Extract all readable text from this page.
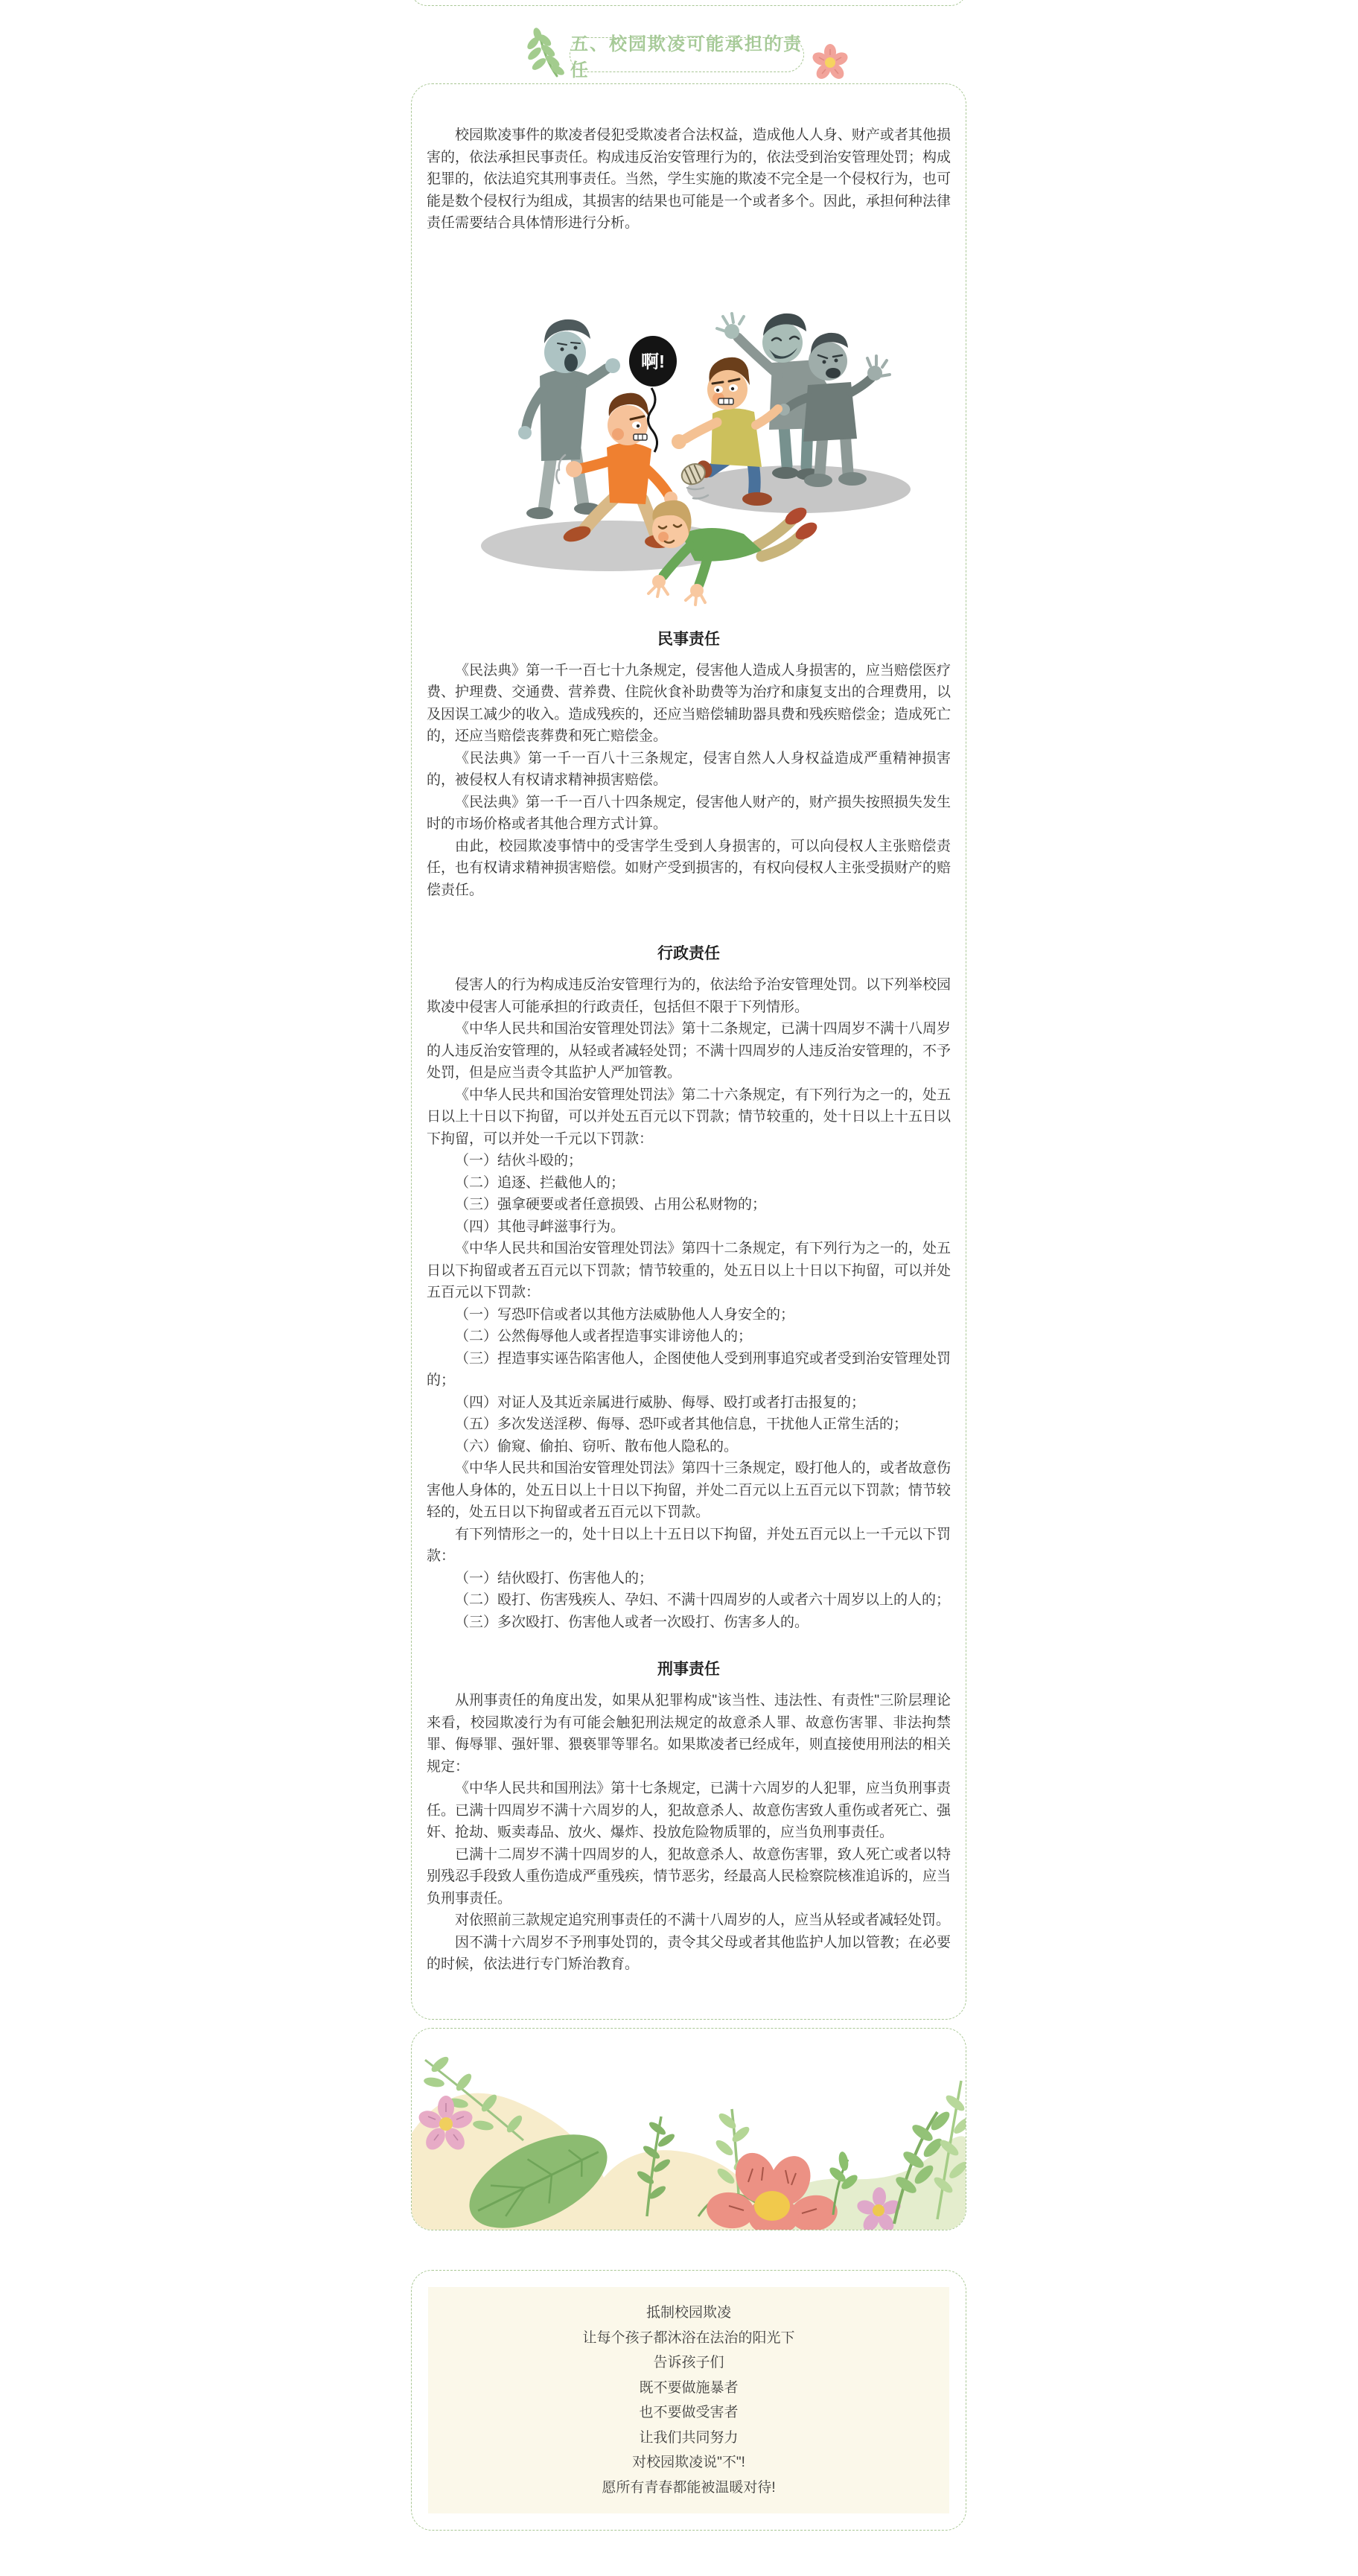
五、校园欺凌可能承担的责任

校园欺凌事件的欺凌者侵犯受欺凌者合法权益，造成他人人身、财产或者其他损害的，依法承担民事责任。构成违反治安管理行为的，依法受到治安管理处罚；构成犯罪的，依法追究其刑事责任。当然，学生实施的欺凌不完全是一个侵权行为，也可能是数个侵权行为组成，其损害的结果也可能是一个或者多个。因此，承担何种法律责任需要结合具体情形进行分析。

啊!
民事责任

《民法典》第一千一百七十九条规定，侵害他人造成人身损害的，应当赔偿医疗费、护理费、交通费、营养费、住院伙食补助费等为治疗和康复支出的合理费用，以及因误工减少的收入。造成残疾的，还应当赔偿辅助器具费和残疾赔偿金；造成死亡的，还应当赔偿丧葬费和死亡赔偿金。

《民法典》第一千一百八十三条规定，侵害自然人人身权益造成严重精神损害的，被侵权人有权请求精神损害赔偿。

《民法典》第一千一百八十四条规定，侵害他人财产的，财产损失按照损失发生时的市场价格或者其他合理方式计算。

由此，校园欺凌事情中的受害学生受到人身损害的，可以向侵权人主张赔偿责任，也有权请求精神损害赔偿。如财产受到损害的，有权向侵权人主张受损财产的赔偿责任。

行政责任

侵害人的行为构成违反治安管理行为的，依法给予治安管理处罚。以下列举校园欺凌中侵害人可能承担的行政责任，包括但不限于下列情形。

《中华人民共和国治安管理处罚法》第十二条规定，已满十四周岁不满十八周岁的人违反治安管理的，从轻或者减轻处罚；不满十四周岁的人违反治安管理的，不予处罚，但是应当责令其监护人严加管教。

《中华人民共和国治安管理处罚法》第二十六条规定，有下列行为之一的，处五日以上十日以下拘留，可以并处五百元以下罚款；情节较重的，处十日以上十五日以下拘留，可以并处一千元以下罚款：

（一）结伙斗殴的；

（二）追逐、拦截他人的；

（三）强拿硬要或者任意损毁、占用公私财物的；

（四）其他寻衅滋事行为。

《中华人民共和国治安管理处罚法》第四十二条规定，有下列行为之一的，处五日以下拘留或者五百元以下罚款；情节较重的，处五日以上十日以下拘留，可以并处五百元以下罚款：

（一）写恐吓信或者以其他方法威胁他人人身安全的；

（二）公然侮辱他人或者捏造事实诽谤他人的；

（三）捏造事实诬告陷害他人，企图使他人受到刑事追究或者受到治安管理处罚的；

（四）对证人及其近亲属进行威胁、侮辱、殴打或者打击报复的；

（五）多次发送淫秽、侮辱、恐吓或者其他信息，干扰他人正常生活的；

（六）偷窥、偷拍、窃听、散布他人隐私的。

《中华人民共和国治安管理处罚法》第四十三条规定，殴打他人的，或者故意伤害他人身体的，处五日以上十日以下拘留，并处二百元以上五百元以下罚款；情节较轻的，处五日以下拘留或者五百元以下罚款。

有下列情形之一的，处十日以上十五日以下拘留，并处五百元以上一千元以下罚款：

（一）结伙殴打、伤害他人的；

（二）殴打、伤害残疾人、孕妇、不满十四周岁的人或者六十周岁以上的人的；

（三）多次殴打、伤害他人或者一次殴打、伤害多人的。

刑事责任

从刑事责任的角度出发，如果从犯罪构成"该当性、违法性、有责性"三阶层理论来看，校园欺凌行为有可能会触犯刑法规定的故意杀人罪、故意伤害罪、非法拘禁罪、侮辱罪、强奸罪、猥亵罪等罪名。如果欺凌者已经成年，则直接使用刑法的相关规定：

《中华人民共和国刑法》第十七条规定，已满十六周岁的人犯罪，应当负刑事责任。已满十四周岁不满十六周岁的人，犯故意杀人、故意伤害致人重伤或者死亡、强奸、抢劫、贩卖毒品、放火、爆炸、投放危险物质罪的，应当负刑事责任。

已满十二周岁不满十四周岁的人，犯故意杀人、故意伤害罪，致人死亡或者以特别残忍手段致人重伤造成严重残疾，情节恶劣，经最高人民检察院核准追诉的，应当负刑事责任。

对依照前三款规定追究刑事责任的不满十八周岁的人，应当从轻或者减轻处罚。

因不满十六周岁不予刑事处罚的，责令其父母或者其他监护人加以管教；在必要的时候，依法进行专门矫治教育。

抵制校园欺凌
让每个孩子都沐浴在法治的阳光下
告诉孩子们
既不要做施暴者
也不要做受害者
让我们共同努力
对校园欺凌说"不"!
愿所有青春都能被温暖对待!
